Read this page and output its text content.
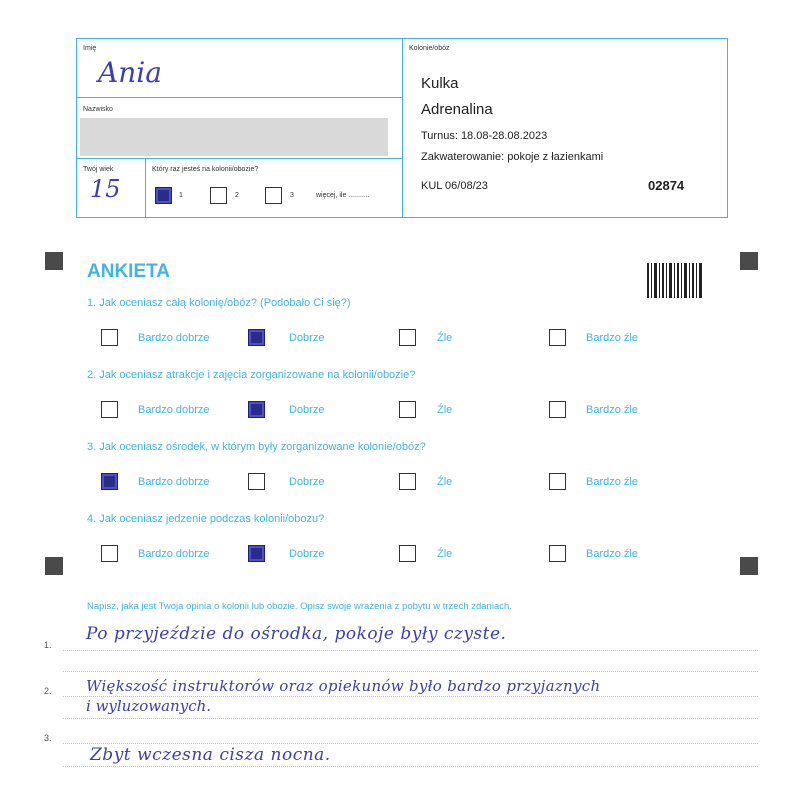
Imię
Ania
Nazwisko
Twój wiek
15
Który raz jesteś na kolonii/obozie?
1	2	3	więcej, ile ...........
Kolonie/obóz
Kulka
Adrenalina
Turnus: 18.08-28.08.2023
Zakwaterowanie: pokoje z łazienkami
KUL 06/08/23	02874
ANKIETA
1. Jak oceniasz całą kolonię/obóz? (Podobało Ci się?)
Bardzo dobrze	Dobrze	Źle	Bardzo źle
2. Jak oceniasz atrakcje i zajęcia zorganizowane na kolonii/obozie?
Bardzo dobrze	Dobrze	Źle	Bardzo źle
3. Jak oceniasz ośrodek, w którym były zorganizowane kolonie/obóz?
Bardzo dobrze	Dobrze	Źle	Bardzo źle
4. Jak oceniasz jedzenie podczas kolonii/obozu?
Bardzo dobrze	Dobrze	Źle	Bardzo źle
Napisz, jaka jest Twoja opinia o kolonii lub obozie. Opisz swoje wrażenia z pobytu w trzech zdaniach.
1.
2.
3.
Po przyjeździe do ośrodka, pokoje były czyste.
Większość instruktorów oraz opiekunów było bardzo przyjaznych
i wyluzowanych.
Zbyt wczesna cisza nocna.
